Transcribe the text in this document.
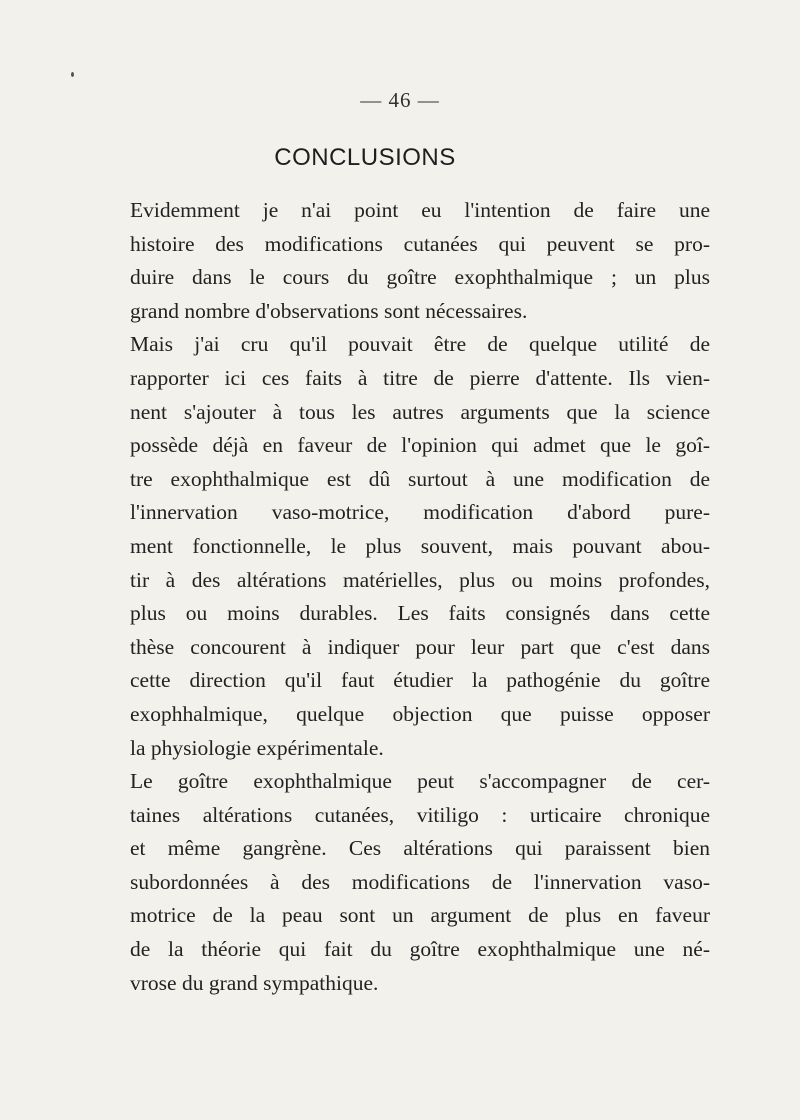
— 46 —
CONCLUSIONS

Evidemment je n'ai point eu l'intention de faire une
histoire des modifications cutanées qui peuvent se pro-
duire dans le cours du goître exophthalmique ; un plus
grand nombre d'observations sont nécessaires.

Mais j'ai cru qu'il pouvait être de quelque utilité de
rapporter ici ces faits à titre de pierre d'attente. Ils vien-
nent s'ajouter à tous les autres arguments que la science
possède déjà en faveur de l'opinion qui admet que le goî-
tre exophthalmique est dû surtout à une modification de
l'innervation vaso-motrice, modification d'abord pure-
ment fonctionnelle, le plus souvent, mais pouvant abou-
tir à des altérations matérielles, plus ou moins profondes,
plus ou moins durables. Les faits consignés dans cette
thèse concourent à indiquer pour leur part que c'est dans
cette direction qu'il faut étudier la pathogénie du goître
exophhalmique, quelque objection que puisse opposer
la physiologie expérimentale.

Le goître exophthalmique peut s'accompagner de cer-
taines altérations cutanées, vitiligo : urticaire chronique
et même gangrène. Ces altérations qui paraissent bien
subordonnées à des modifications de l'innervation vaso-
motrice de la peau sont un argument de plus en faveur
de la théorie qui fait du goître exophthalmique une né-
vrose du grand sympathique.
